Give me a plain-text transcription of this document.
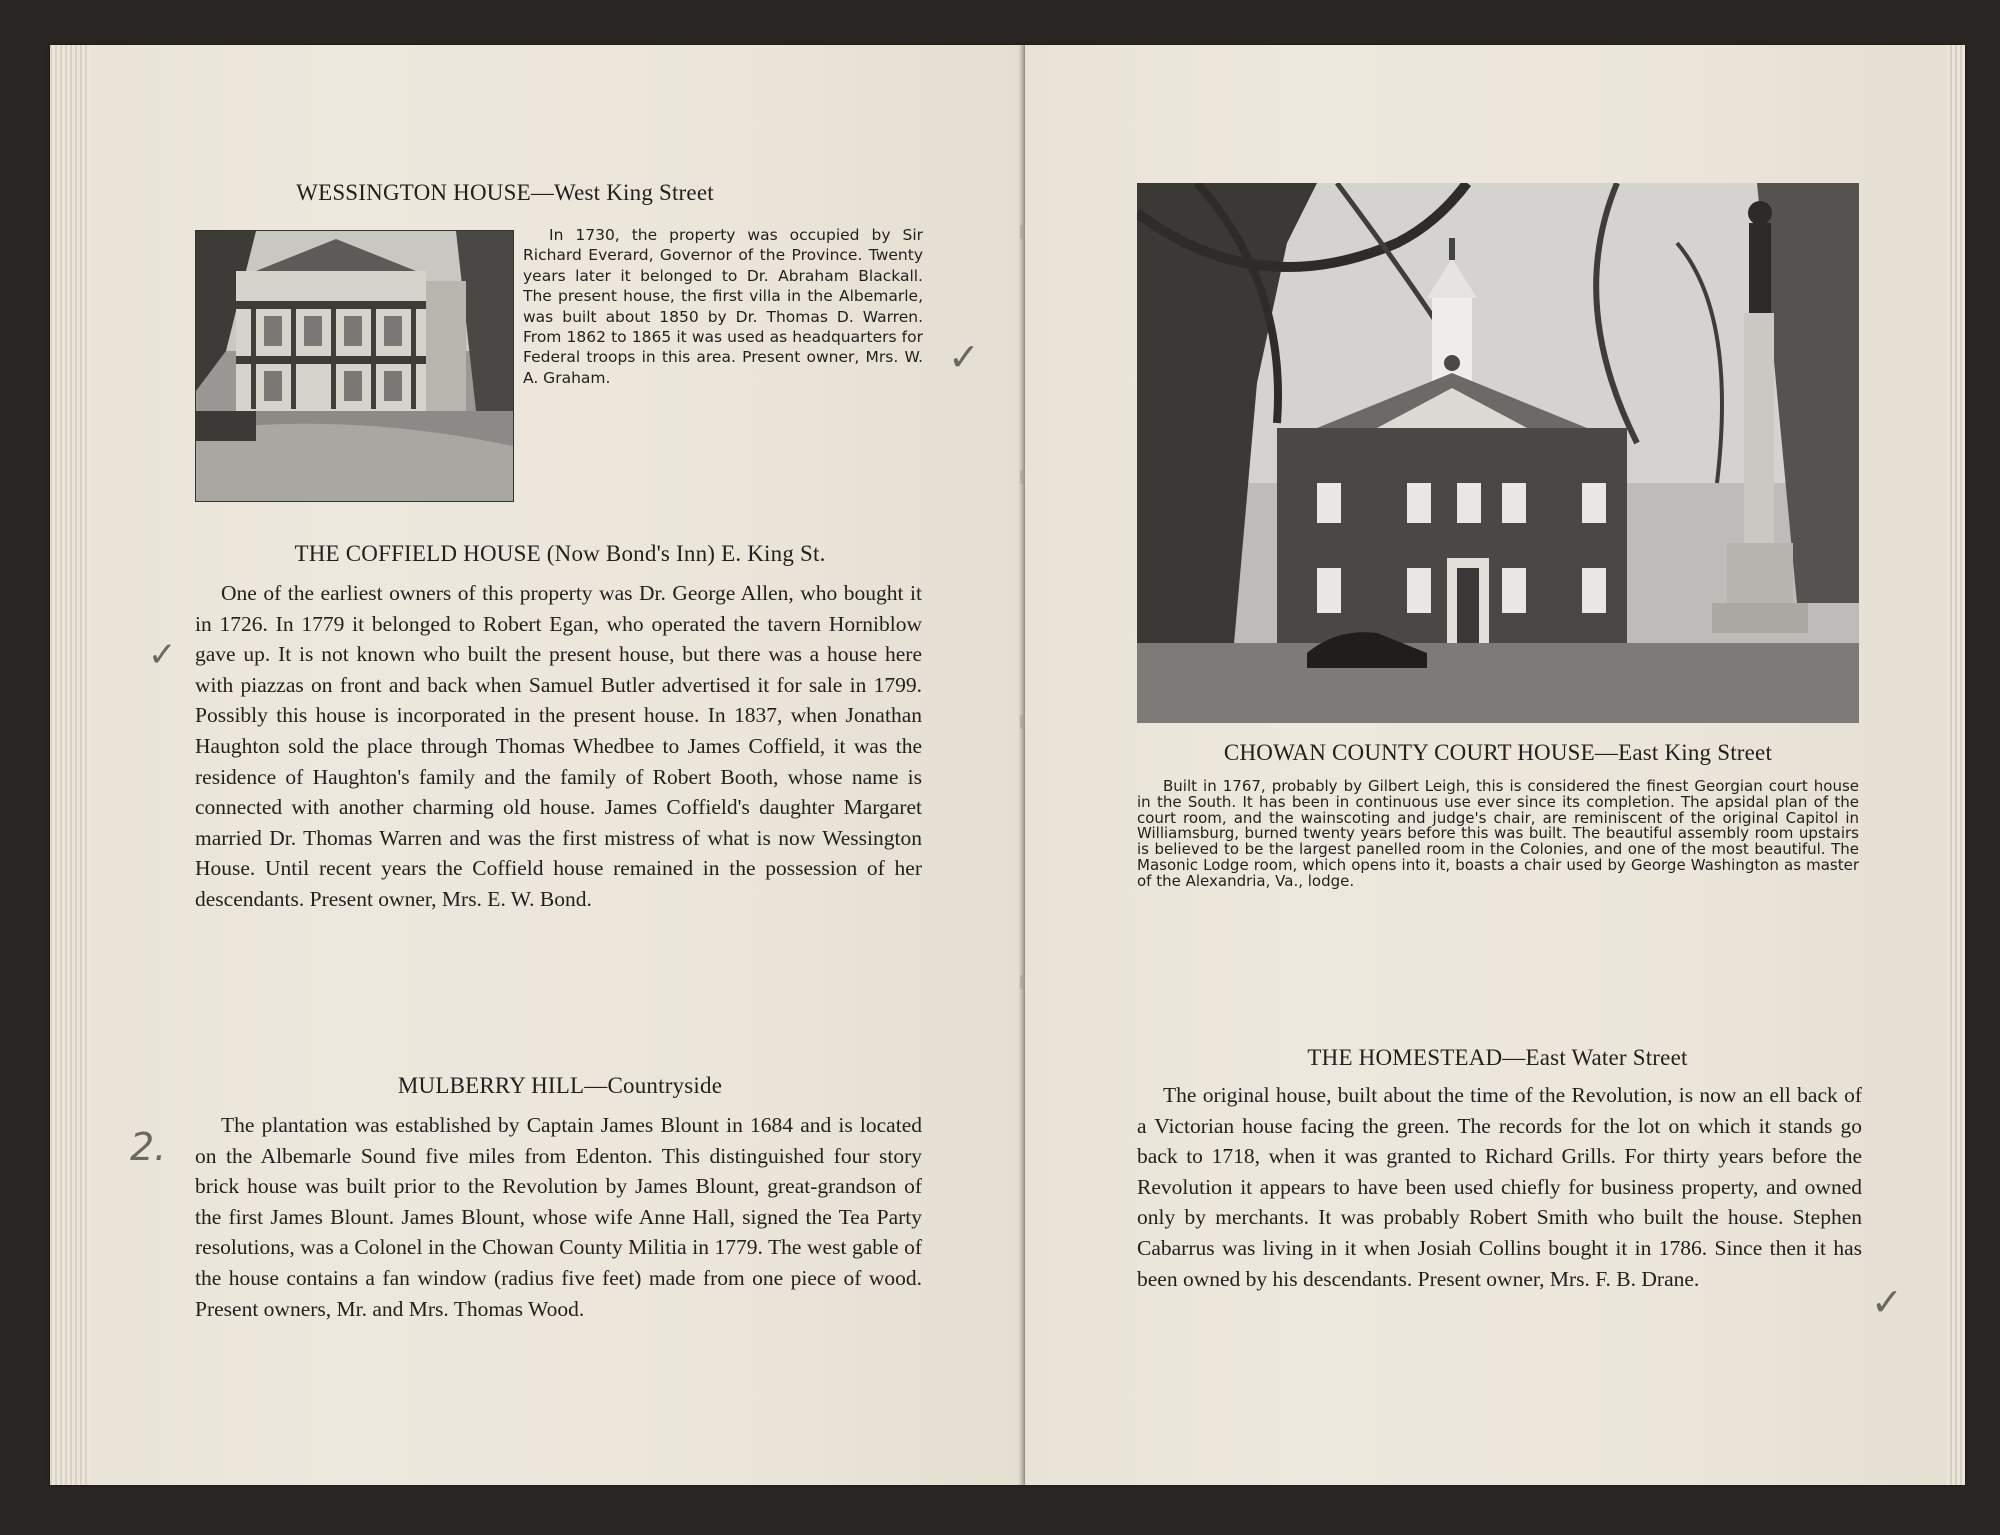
WESSINGTON HOUSE—West King Street

In 1730, the property was occupied by Sir Richard Everard, Governor of the Province. Twenty years later it belonged to Dr. Abraham Blackall. The present house, the first villa in the Albemarle, was built about 1850 by Dr. Thomas D. Warren. From 1862 to 1865 it was used as headquarters for Federal troops in this area. Present owner, Mrs. W. A. Graham.

THE COFFIELD HOUSE (Now Bond's Inn) E. King St.

One of the earliest owners of this property was Dr. George Allen, who bought it in 1726. In 1779 it belonged to Robert Egan, who operated the tavern Horniblow gave up. It is not known who built the present house, but there was a house here with piazzas on front and back when Samuel Butler advertised it for sale in 1799. Possibly this house is incorporated in the present house. In 1837, when Jonathan Haughton sold the place through Thomas Whedbee to James Coffield, it was the residence of Haughton's family and the family of Robert Booth, whose name is connected with another charming old house. James Coffield's daughter Margaret married Dr. Thomas Warren and was the first mistress of what is now Wessington House. Until recent years the Coffield house remained in the possession of her descendants. Present owner, Mrs. E. W. Bond.

MULBERRY HILL—Countryside

The plantation was established by Captain James Blount in 1684 and is located on the Albemarle Sound five miles from Edenton. This distinguished four story brick house was built prior to the Revolution by James Blount, great-grandson of the first James Blount. James Blount, whose wife Anne Hall, signed the Tea Party resolutions, was a Colonel in the Chowan County Militia in 1779. The west gable of the house contains a fan window (radius five feet) made from one piece of wood. Present owners, Mr. and Mrs. Thomas Wood.

✓
✓
2.
CHOWAN COUNTY COURT HOUSE—East King Street

Built in 1767, probably by Gilbert Leigh, this is considered the finest Georgian court house in the South. It has been in continuous use ever since its completion. The apsidal plan of the court room, and the wainscoting and judge's chair, are reminiscent of the original Capitol in Williamsburg, burned twenty years before this was built. The beautiful assembly room upstairs is believed to be the largest panelled room in the Colonies, and one of the most beautiful. The Masonic Lodge room, which opens into it, boasts a chair used by George Washington as master of the Alexandria, Va., lodge.

THE HOMESTEAD—East Water Street

The original house, built about the time of the Revolution, is now an ell back of a Victorian house facing the green. The records for the lot on which it stands go back to 1718, when it was granted to Richard Grills. For thirty years before the Revolution it appears to have been used chiefly for business property, and owned only by merchants. It was probably Robert Smith who built the house. Stephen Cabarrus was living in it when Josiah Collins bought it in 1786. Since then it has been owned by his descendants. Present owner, Mrs. F. B. Drane.

✓
